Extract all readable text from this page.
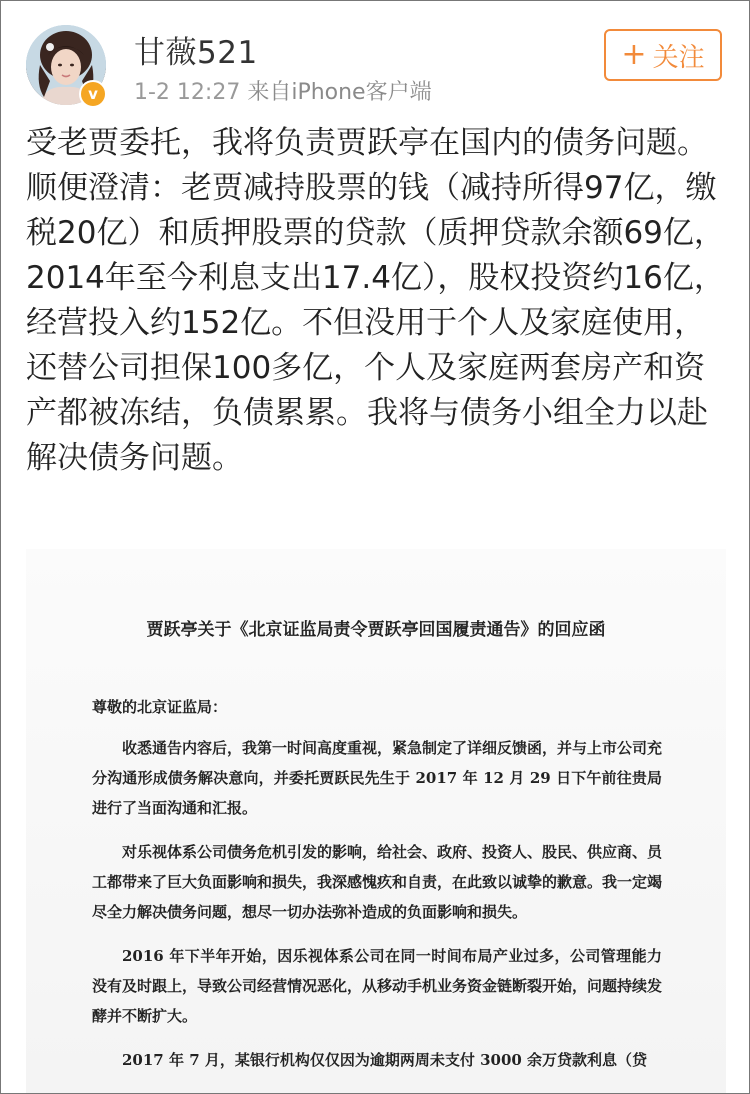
v
甘薇521
1-2 12:27 来自iPhone客户端
+ 关注
受老贾委托，我将负责贾跃亭在国内的债务问题。顺便澄清：老贾减持股票的钱（减持所得97亿，缴税20亿）和质押股票的贷款（质押贷款余额69亿，2014年至今利息支出17.4亿），股权投资约16亿，经营投入约152亿。不但没用于个人及家庭使用，还替公司担保100多亿，个人及家庭两套房产和资产都被冻结，负债累累。我将与债务小组全力以赴解决债务问题。
贾跃亭关于《北京证监局责令贾跃亭回国履责通告》的回应函
尊敬的北京证监局：

收悉通告内容后，我第一时间高度重视，紧急制定了详细反馈函，并与上市公司充分沟通形成债务解决意向，并委托贾跃民先生于 2017 年 12 月 29 日下午前往贵局进行了当面沟通和汇报。

对乐视体系公司债务危机引发的影响，给社会、政府、投资人、股民、供应商、员工都带来了巨大负面影响和损失，我深感愧疚和自责，在此致以诚挚的歉意。我一定竭尽全力解决债务问题，想尽一切办法弥补造成的负面影响和损失。

2016 年下半年开始，因乐视体系公司在同一时间布局产业过多，公司管理能力没有及时跟上，导致公司经营情况恶化，从移动手机业务资金链断裂开始，问题持续发酵并不断扩大。

2017 年 7 月，某银行机构仅仅因为逾期两周未支付 3000 余万贷款利息（贷
